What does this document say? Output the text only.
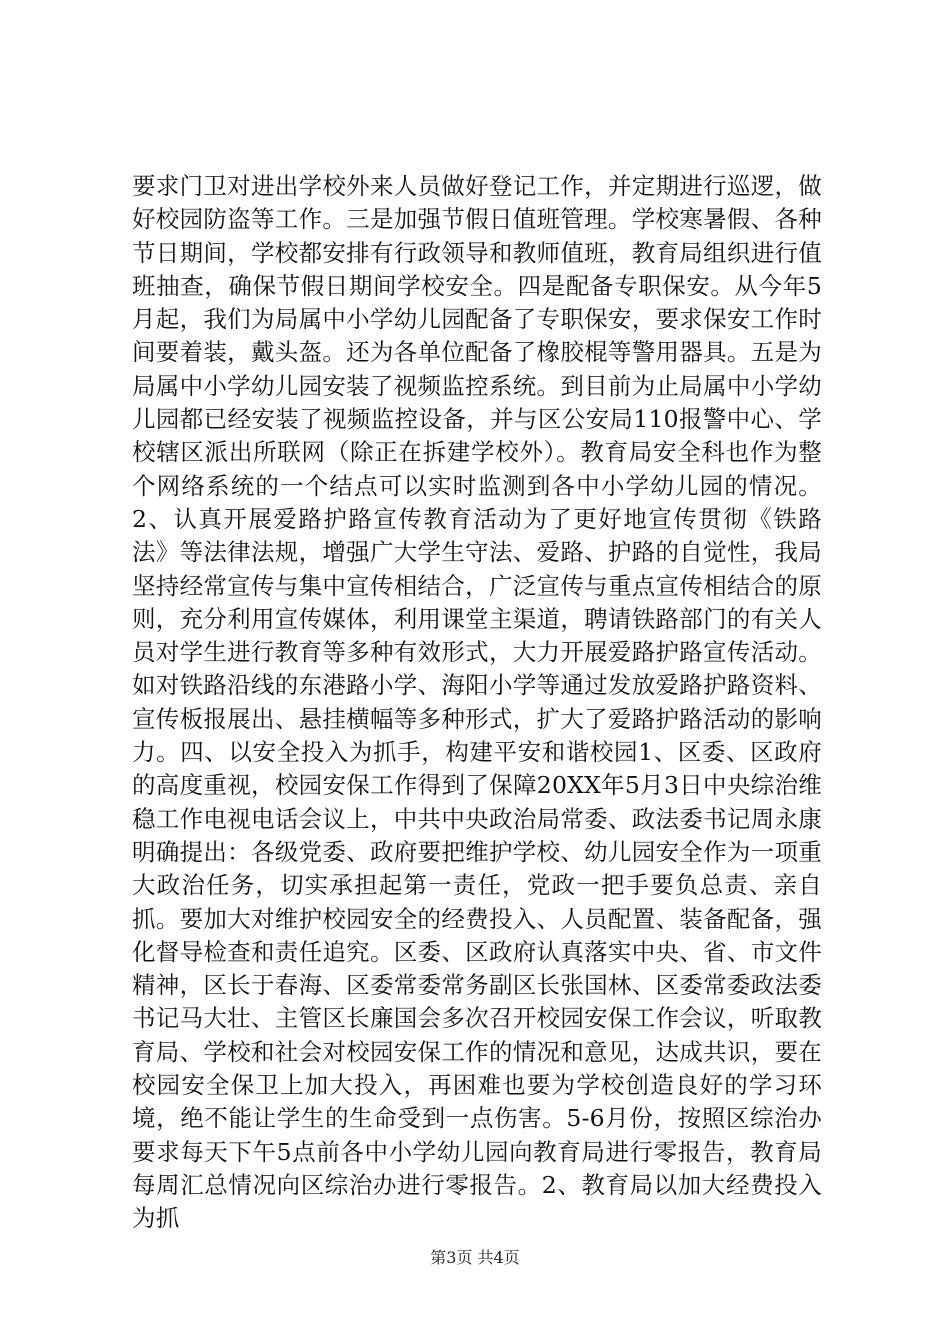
要求门卫对进出学校外来人员做好登记工作，并定期进行巡逻，做好校园防盗等工作。三是加强节假日值班管理。学校寒暑假、各种节日期间，学校都安排有行政领导和教师值班，教育局组织进行值班抽查，确保节假日期间学校安全。四是配备专职保安。从今年5月起，我们为局属中小学幼儿园配备了专职保安，要求保安工作时间要着装，戴头盔。还为各单位配备了橡胶棍等警用器具。五是为局属中小学幼儿园安装了视频监控系统。到目前为止局属中小学幼儿园都已经安装了视频监控设备，并与区公安局110报警中心、学校辖区派出所联网（除正在拆建学校外）。教育局安全科也作为整个网络系统的一个结点可以实时监测到各中小学幼儿园的情况。2、认真开展爱路护路宣传教育活动为了更好地宣传贯彻《铁路法》等法律法规，增强广大学生守法、爱路、护路的自觉性，我局坚持经常宣传与集中宣传相结合，广泛宣传与重点宣传相结合的原则，充分利用宣传媒体，利用课堂主渠道，聘请铁路部门的有关人员对学生进行教育等多种有效形式，大力开展爱路护路宣传活动。如对铁路沿线的东港路小学、海阳小学等通过发放爱路护路资料、宣传板报展出、悬挂横幅等多种形式，扩大了爱路护路活动的影响力。四、以安全投入为抓手，构建平安和谐校园1、区委、区政府的高度重视，校园安保工作得到了保障20XX年5月3日中央综治维稳工作电视电话会议上，中共中央政治局常委、政法委书记周永康明确提出：各级党委、政府要把维护学校、幼儿园安全作为一项重大政治任务，切实承担起第一责任，党政一把手要负总责、亲自抓。要加大对维护校园安全的经费投入、人员配置、装备配备，强化督导检查和责任追究。区委、区政府认真落实中央、省、市文件精神，区长于春海、区委常委常务副区长张国林、区委常委政法委书记马大壮、主管区长廉国会多次召开校园安保工作会议，听取教育局、学校和社会对校园安保工作的情况和意见，达成共识，要在校园安全保卫上加大投入，再困难也要为学校创造良好的学习环境，绝不能让学生的生命受到一点伤害。5-6月份，按照区综治办要求每天下午5点前各中小学幼儿园向教育局进行零报告，教育局每周汇总情况向区综治办进行零报告。2、教育局以加大经费投入为抓

第3页 共4页
